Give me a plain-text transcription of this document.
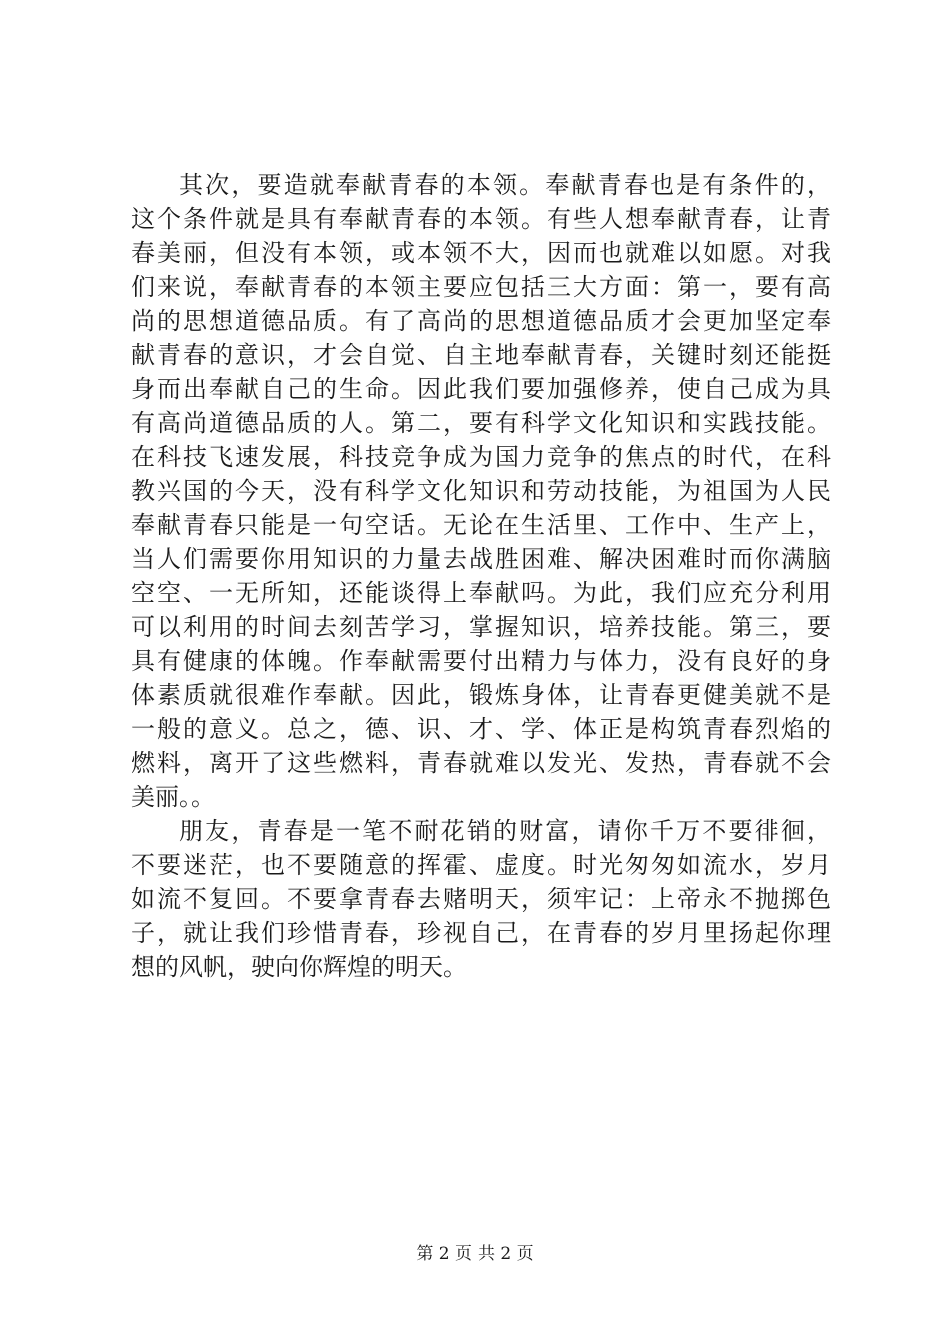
其次，要造就奉献青春的本领。奉献青春也是有条件的，
这个条件就是具有奉献青春的本领。有些人想奉献青春，让青
春美丽，但没有本领，或本领不大，因而也就难以如愿。对我
们来说，奉献青春的本领主要应包括三大方面：第一，要有高
尚的思想道德品质。有了高尚的思想道德品质才会更加坚定奉
献青春的意识，才会自觉、自主地奉献青春，关键时刻还能挺
身而出奉献自己的生命。因此我们要加强修养，使自己成为具
有高尚道德品质的人。第二，要有科学文化知识和实践技能。
在科技飞速发展，科技竞争成为国力竞争的焦点的时代，在科
教兴国的今天，没有科学文化知识和劳动技能，为祖国为人民
奉献青春只能是一句空话。无论在生活里、工作中、生产上，
当人们需要你用知识的力量去战胜困难、解决困难时而你满脑
空空、一无所知，还能谈得上奉献吗。为此，我们应充分利用
可以利用的时间去刻苦学习，掌握知识，培养技能。第三，要
具有健康的体魄。作奉献需要付出精力与体力，没有良好的身
体素质就很难作奉献。因此，锻炼身体，让青春更健美就不是
一般的意义。总之，德、识、才、学、体正是构筑青春烈焰的
燃料，离开了这些燃料，青春就难以发光、发热，青春就不会
美丽。。
朋友，青春是一笔不耐花销的财富，请你千万不要徘徊，
不要迷茫，也不要随意的挥霍、虚度。时光匆匆如流水，岁月
如流不复回。不要拿青春去赌明天，须牢记：上帝永不抛掷色
子，就让我们珍惜青春，珍视自己，在青春的岁月里扬起你理
想的风帆，驶向你辉煌的明天。
第 2 页 共 2 页
